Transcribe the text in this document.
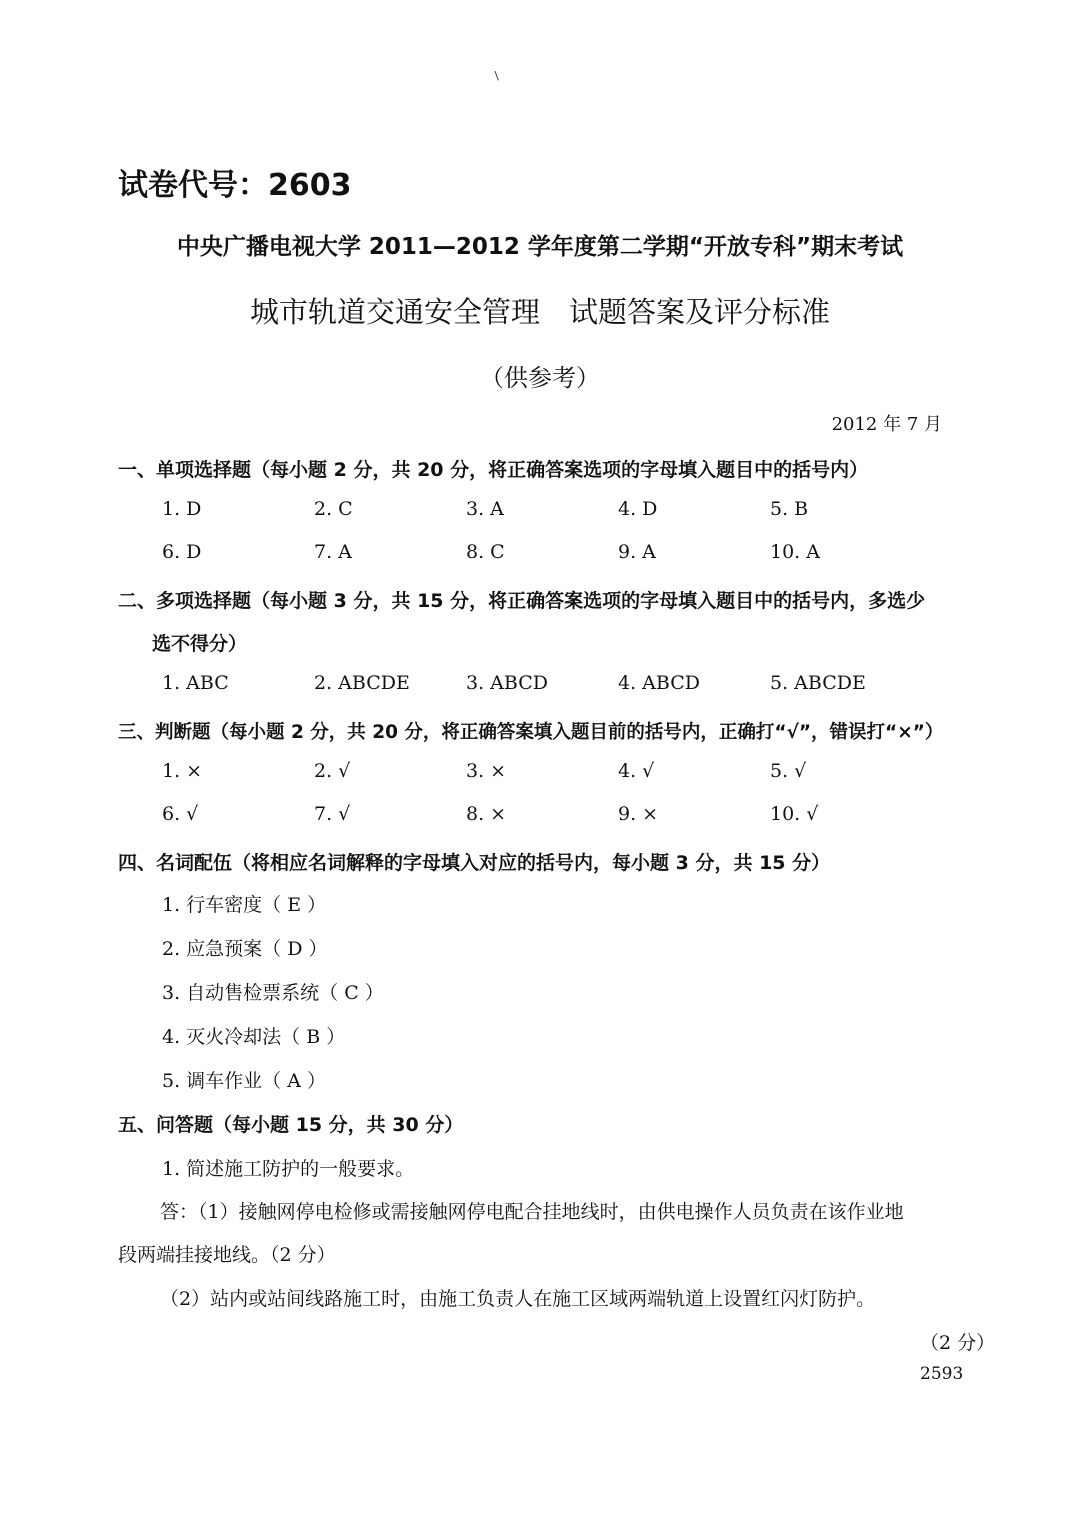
试卷代号：2603
中央广播电视大学 2011—2012 学年度第二学期“开放专科”期末考试
城市轨道交通安全管理　试题答案及评分标准
（供参考）
2012 年 7 月
一、单项选择题（每小题 2 分，共 20 分，将正确答案选项的字母填入题目中的括号内）
1. D	2. C	3. A	4. D	5. B
6. D	7. A	8. C	9. A	10. A
二、多项选择题（每小题 3 分，共 15 分，将正确答案选项的字母填入题目中的括号内，多选少
选不得分）
1. ABC	2. ABCDE	3. ABCD	4. ABCD	5. ABCDE
三、判断题（每小题 2 分，共 20 分，将正确答案填入题目前的括号内，正确打“√”，错误打“×”）
1. ×	2. √	3. ×	4. √	5. √
6. √	7. √	8. ×	9. ×	10. √
四、名词配伍（将相应名词解释的字母填入对应的括号内，每小题 3 分，共 15 分）
1. 行车密度（ E ）
2. 应急预案（ D ）
3. 自动售检票系统（ C ）
4. 灭火冷却法（ B ）
5. 调车作业（ A ）
五、问答题（每小题 15 分，共 30 分）
1. 简述施工防护的一般要求。
答：（1）接触网停电检修或需接触网停电配合挂地线时，由供电操作人员负责在该作业地
段两端挂接地线。（2 分）
（2）站内或站间线路施工时，由施工负责人在施工区域两端轨道上设置红闪灯防护。
（2 分）
2593
